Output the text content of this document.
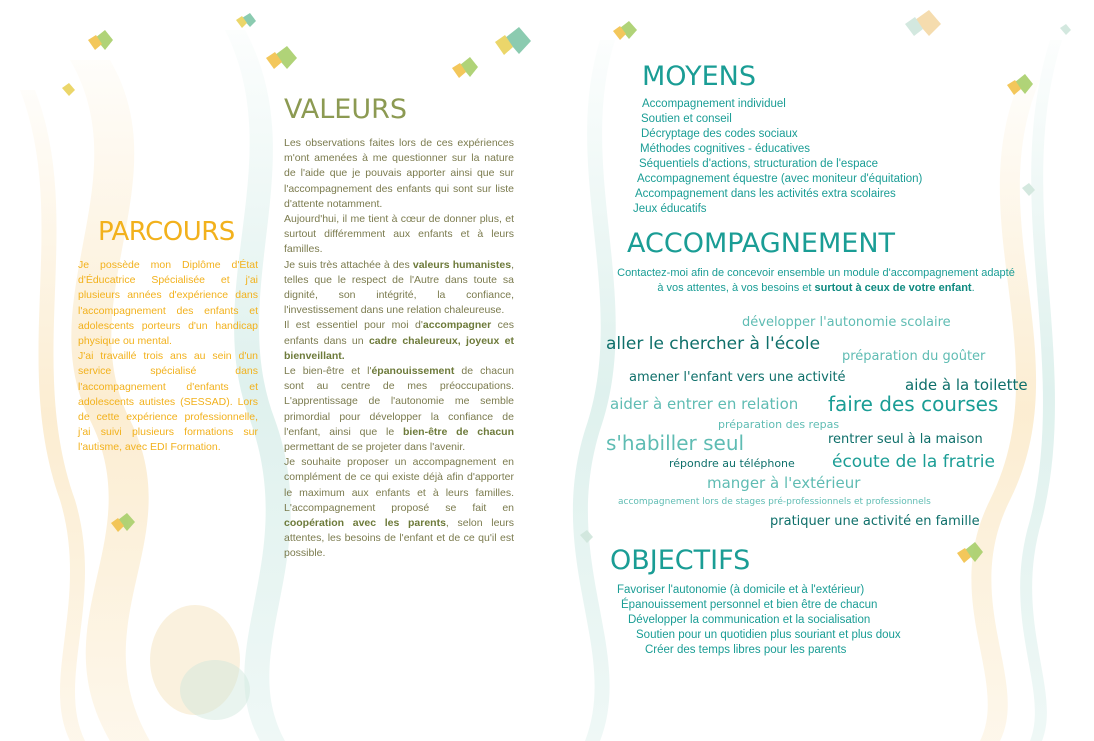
PARCOURS

Je possède mon Diplôme d'État d'Éducatrice Spécialisée et j'ai plusieurs années d'expérience dans l'accompagnement des enfants et adolescents porteurs d'un handicap physique ou mental.

J'ai travaillé trois ans au sein d'un service spécialisé dans l'accompagnement d'enfants et adolescents autistes (SESSAD). Lors de cette expérience professionnelle, j'ai suivi plusieurs formations sur l'autisme, avec EDI Formation.

VALEURS

Les observations faites lors de ces expériences m'ont amenées à me questionner sur la nature de l'aide que je pouvais apporter ainsi que sur l'accompagnement des enfants qui sont sur liste d'attente notamment.

Aujourd'hui, il me tient à cœur de donner plus, et surtout différemment aux enfants et à leurs familles.

Je suis très attachée à des valeurs humanistes, telles que le respect de l'Autre dans toute sa dignité, son intégrité, la confiance, l'investissement dans une relation chaleureuse.

Il est essentiel pour moi d'accompagner ces enfants dans un cadre chaleureux, joyeux et bienveillant.

Le bien-être et l'épanouissement de chacun sont au centre de mes préoccupations. L'apprentissage de l'autonomie me semble primordial pour développer la confiance de l'enfant, ainsi que le bien-être de chacun permettant de se projeter dans l'avenir.

Je souhaite proposer un accompagnement en complément de ce qui existe déjà afin d'apporter le maximum aux enfants et à leurs familles. L'accompagnement proposé se fait en coopération avec les parents, selon leurs attentes, les besoins de l'enfant et de ce qu'il est possible.

MOYENS
Accompagnement individuel
Soutien et conseil
Décryptage des codes sociaux
Méthodes cognitives - éducatives
Séquentiels d'actions, structuration de l'espace
Accompagnement équestre (avec moniteur d'équitation)
Accompagnement dans les activités extra scolaires
Jeux éducatifs
ACCOMPAGNEMENT
Contactez-moi afin de concevoir ensemble un module d'accompagnement adapté à vos attentes, à vos besoins et surtout à ceux de votre enfant.
développer l'autonomie scolaire
aller le chercher à l'école
préparation du goûter
amener l'enfant vers une activité	aide à la toilette
aider à entrer en relation faire des courses
préparation des repas
s'habiller seul	rentrer seul à la maison
répondre au téléphone écoute de la fratrie
manger à l'extérieur
accompagnement lors de stages pré-professionnels et professionnels
pratiquer une activité en famille
OBJECTIFS
Favoriser l'autonomie (à domicile et à l'extérieur)
Épanouissement personnel et bien être de chacun
Développer la communication et la socialisation
Soutien pour un quotidien plus souriant et plus doux
Créer des temps libres pour les parents
